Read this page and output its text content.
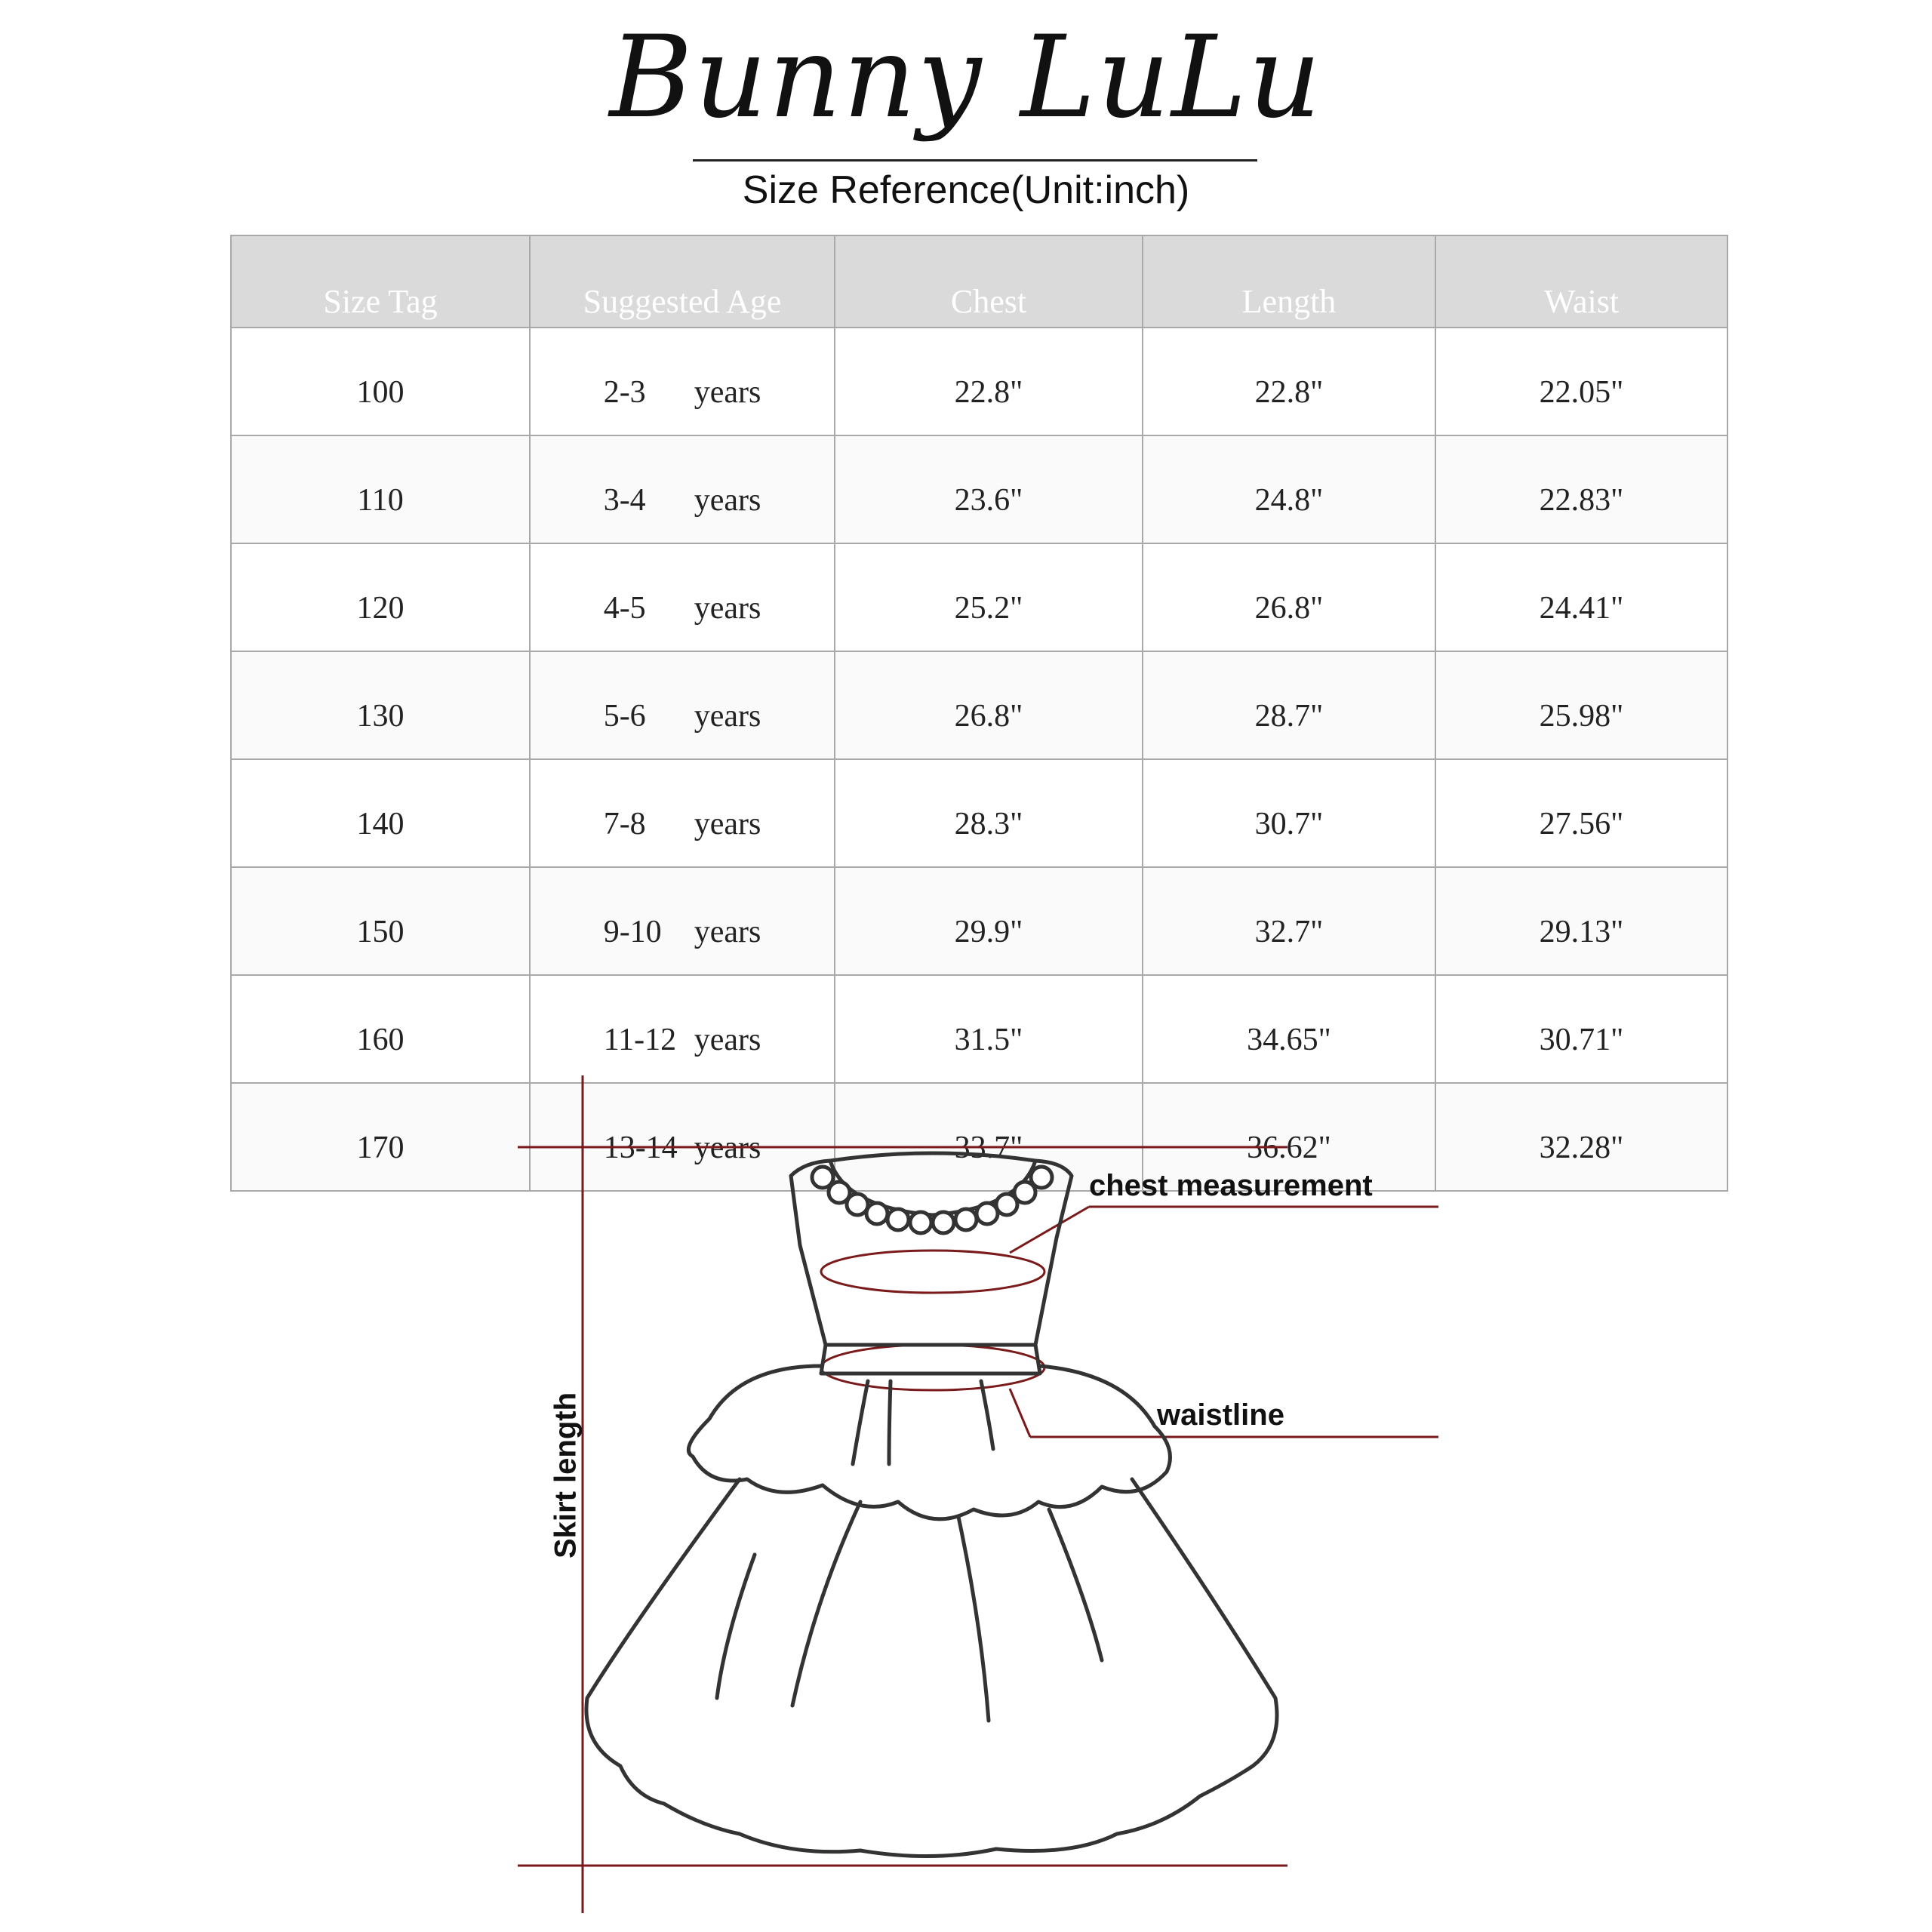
Bunny LuLu
Size Reference(Unit:inch)
Size Tag	Suggested Age	Chest	Length	Waist
100	2-3 years	22.8"	22.8"	22.05"
110	3-4 years	23.6"	24.8"	22.83"
120	4-5 years	25.2"	26.8"	24.41"
130	5-6 years	26.8"	28.7"	25.98"
140	7-8 years	28.3"	30.7"	27.56"
150	9-10 years	29.9"	32.7"	29.13"
160	11-12 years	31.5"	34.65"	30.71"
170	13-14 years	33.7"	36.62"	32.28"
chest measurement
waistline
Skirt length
